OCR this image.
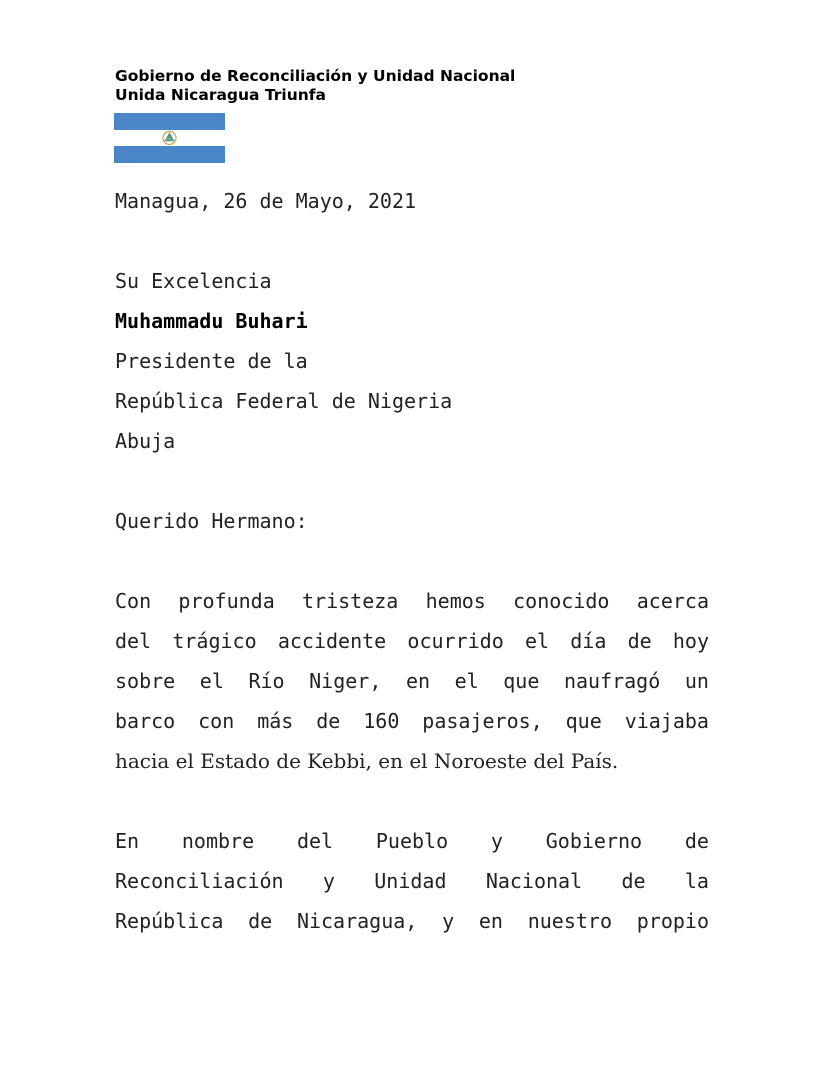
Gobierno de Reconciliación y Unidad Nacional
Unida Nicaragua Triunfa
Managua, 26 de Mayo, 2021
Su Excelencia
Muhammadu Buhari
Presidente de la
República Federal de Nigeria
Abuja
Querido Hermano:
Con profunda tristeza hemos conocido acerca
del trágico accidente ocurrido el día de hoy
sobre el Río Niger, en el que naufragó un
barco con más de 160 pasajeros, que viajaba
hacia el Estado de Kebbi, en el Noroeste del País.
En nombre del Pueblo y Gobierno de
Reconciliación y Unidad Nacional de la
República de Nicaragua, y en nuestro propio
